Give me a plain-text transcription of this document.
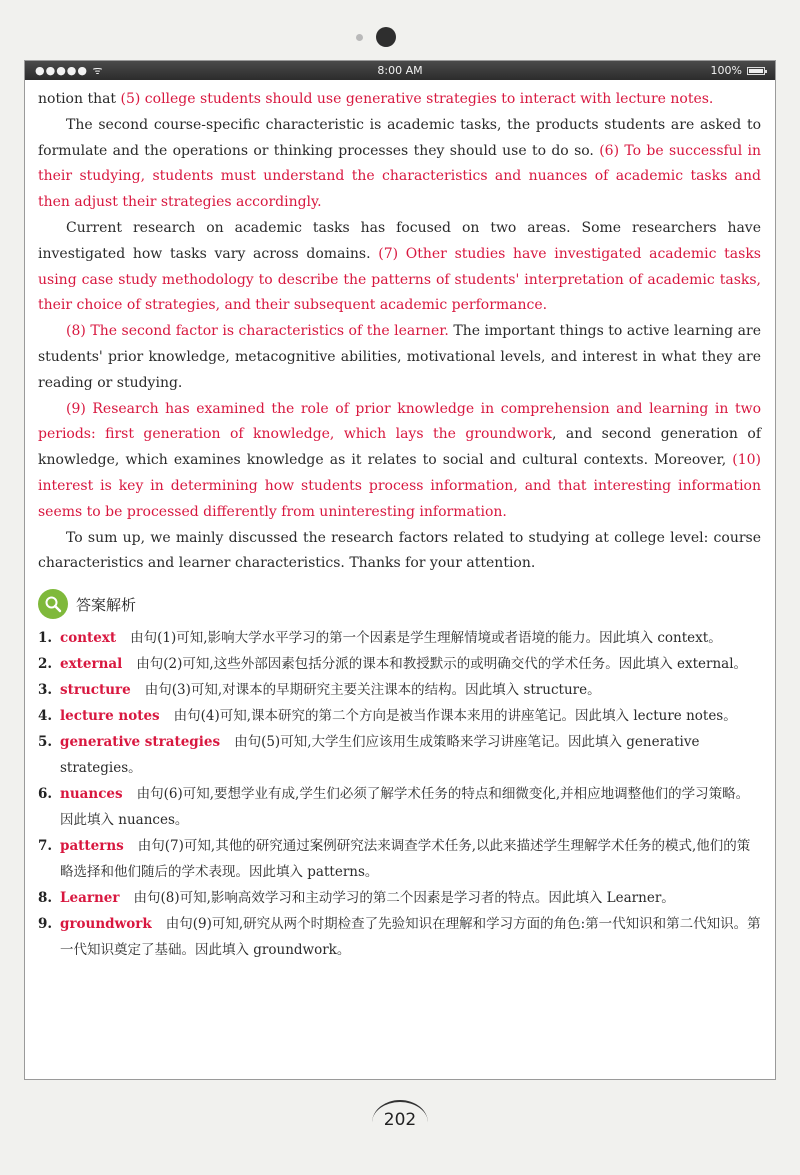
●●●●● ᯤ	8:00 AM	100%

notion that (5) college students should use generative strategies to interact with lecture notes.

The second course-specific characteristic is academic tasks, the products students are asked to formulate and the operations or thinking processes they should use to do so. (6) To be successful in their studying, students must understand the characteristics and nuances of academic tasks and then adjust their strategies accordingly.

Current research on academic tasks has focused on two areas. Some researchers have investigated how tasks vary across domains. (7) Other studies have investigated academic tasks using case study methodology to describe the patterns of students' interpretation of academic tasks, their choice of strategies, and their subsequent academic performance.

(8) The second factor is characteristics of the learner. The important things to active learning are students' prior knowledge, metacognitive abilities, motivational levels, and interest in what they are reading or studying.

(9) Research has examined the role of prior knowledge in comprehension and learning in two periods: first generation of knowledge, which lays the groundwork, and second generation of knowledge, which examines knowledge as it relates to social and cultural contexts. Moreover, (10) interest is key in determining how students process information, and that interesting information seems to be processed differently from uninteresting information.

To sum up, we mainly discussed the research factors related to studying at college level: course characteristics and learner characteristics. Thanks for your attention.

答案解析
1. context 由句(1)可知,影响大学水平学习的第一个因素是学生理解情境或者语境的能力。因此填入 context。
2. external 由句(2)可知,这些外部因素包括分派的课本和教授默示的或明确交代的学术任务。因此填入 external。
3. structure 由句(3)可知,对课本的早期研究主要关注课本的结构。因此填入 structure。
4. lecture notes 由句(4)可知,课本研究的第二个方向是被当作课本来用的讲座笔记。因此填入 lecture notes。
5. generative strategies 由句(5)可知,大学生们应该用生成策略来学习讲座笔记。因此填入 generative strategies。
6. nuances 由句(6)可知,要想学业有成,学生们必须了解学术任务的特点和细微变化,并相应地调整他们的学习策略。因此填入 nuances。
7. patterns 由句(7)可知,其他的研究通过案例研究法来调查学术任务,以此来描述学生理解学术任务的模式,他们的策略选择和他们随后的学术表现。因此填入 patterns。
8. Learner 由句(8)可知,影响高效学习和主动学习的第二个因素是学习者的特点。因此填入 Learner。
9. groundwork 由句(9)可知,研究从两个时期检查了先验知识在理解和学习方面的角色:第一代知识和第二代知识。第一代知识奠定了基础。因此填入 groundwork。
202
